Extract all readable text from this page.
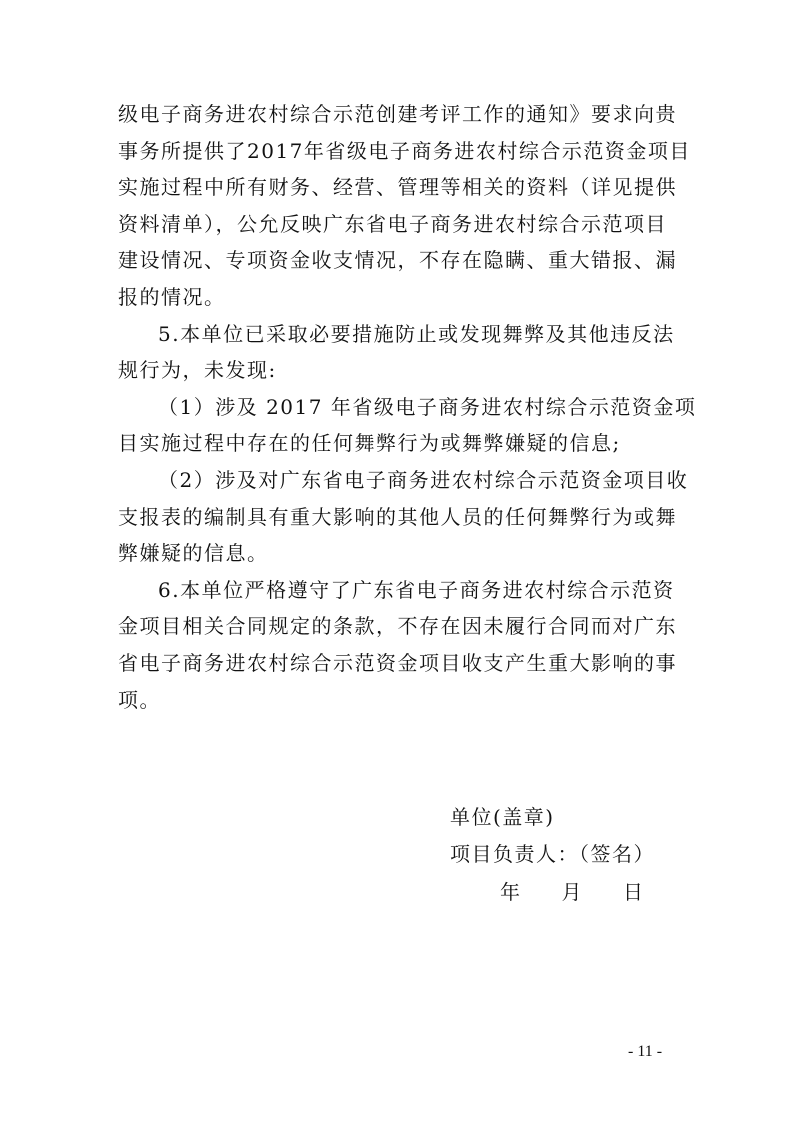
级电子商务进农村综合示范创建考评工作的通知》要求向贵
事务所提供了2017年省级电子商务进农村综合示范资金项目
实施过程中所有财务、经营、管理等相关的资料（详见提供
资料清单），公允反映广东省电子商务进农村综合示范项目
建设情况、专项资金收支情况，不存在隐瞒、重大错报、漏
报的情况。
5.本单位已采取必要措施防止或发现舞弊及其他违反法
规行为，未发现:
（1）涉及 2017 年省级电子商务进农村综合示范资金项
目实施过程中存在的任何舞弊行为或舞弊嫌疑的信息;
（2）涉及对广东省电子商务进农村综合示范资金项目收
支报表的编制具有重大影响的其他人员的任何舞弊行为或舞
弊嫌疑的信息。
6.本单位严格遵守了广东省电子商务进农村综合示范资
金项目相关合同规定的条款，不存在因未履行合同而对广东
省电子商务进农村综合示范资金项目收支产生重大影响的事
项。
单位(盖章)
项目负责人：（签名）
年 月 日
- 11 -
